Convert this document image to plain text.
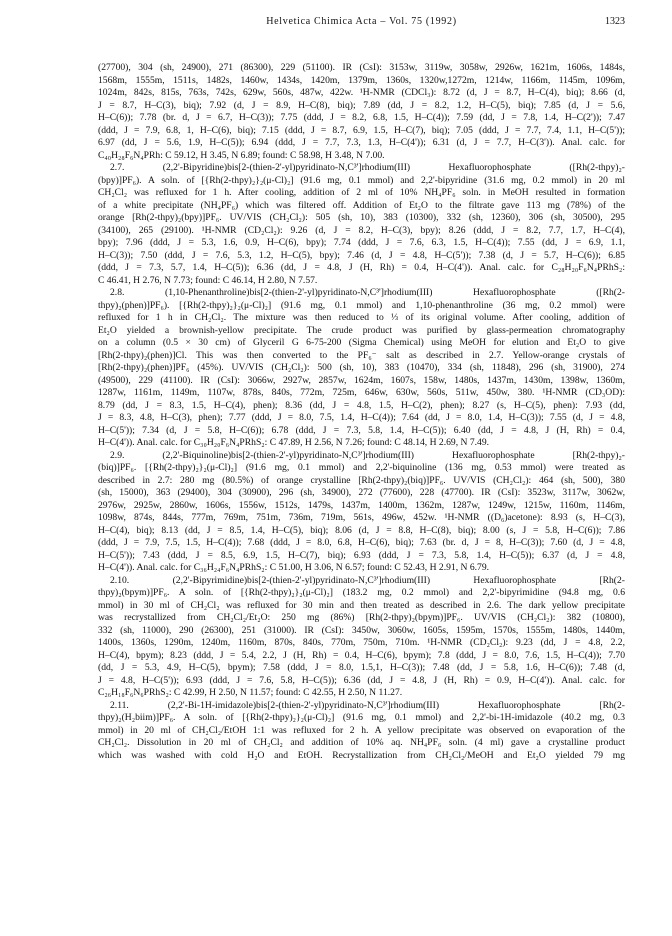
Helvetica Chimica Acta – Vol. 75 (1992)	1323
(27700), 304 (sh, 24900), 271 (86300), 229 (51100). IR (CsI): 3153w, 3119w, 3058w, 2926w, 1621m, 1606s, 1484s,
1568m, 1555m, 1511s, 1482s, 1460w, 1434s, 1420m, 1379m, 1360s, 1320w,1272m, 1214w, 1166m, 1145m, 1096m,
1024m, 842s, 815s, 763s, 742s, 629w, 560s, 487w, 422w. ¹H-NMR (CDCl₃): 8.72 (d, J = 8.7, H–C(4), biq); 8.66 (d,
J = 8.7, H–C(3), biq); 7.92 (d, J = 8.9, H–C(8), biq); 7.89 (dd, J = 8.2, 1.2, H–C(5), biq); 7.85 (d, J = 5.6,
H–C(6)); 7.78 (br. d, J = 6.7, H–C(3)); 7.75 (ddd, J = 8.2, 6.8, 1.5, H–C(4)); 7.59 (dd, J = 7.8, 1.4, H–C(2')); 7.47
(ddd, J = 7.9, 6.8, 1, H–C(6), biq); 7.15 (ddd, J = 8.7, 6.9, 1.5, H–C(7), biq); 7.05 (ddd, J = 7.7, 7.4, 1.1, H–C(5'));
6.97 (dd, J = 5.6, 1.9, H–C(5)); 6.94 (ddd, J = 7.7, 7.3, 1.3, H–C(4')); 6.31 (d, J = 7.7, H–C(3')). Anal. calc. for
C₄₀H₂₈F₆N₄PRh: C 59.12, H 3.45, N 6.89; found: C 58.98, H 3.48, N 7.00.
2.7. (2,2'-Bipyridine)bis[2-(thien-2'-yl)pyridinato-N,C³']rhodium(III) Hexafluorophosphate ([Rh(2-thpy)₂-
(bpy)]PF₆). A soln. of [{Rh(2-thpy)₂}₂(μ-Cl)₂] (91.6 mg, 0.1 mmol) and 2,2'-bipyridine (31.6 mg, 0.2 mmol) in 20 ml
CH₂Cl₂ was refluxed for 1 h. After cooling, addition of 2 ml of 10% NH₄PF₆ soln. in MeOH resulted in formation
of a white precipitate (NH₄PF₆) which was filtered off. Addition of Et₂O to the filtrate gave 113 mg (78%) of the
orange [Rh(2-thpy)₂(bpy)]PF₆. UV/VIS (CH₂Cl₂): 505 (sh, 10), 383 (10300), 332 (sh, 12360), 306 (sh, 30500), 295
(34100), 265 (29100). ¹H-NMR (CD₂Cl₂): 9.26 (d, J = 8.2, H–C(3), bpy); 8.26 (ddd, J = 8.2, 7.7, 1.7, H–C(4),
bpy); 7.96 (ddd, J = 5.3, 1.6, 0.9, H–C(6), bpy); 7.74 (ddd, J = 7.6, 6.3, 1.5, H–C(4)); 7.55 (dd, J = 6.9, 1.1,
H–C(3)); 7.50 (ddd, J = 7.6, 5.3, 1.2, H–C(5), bpy); 7.46 (d, J = 4.8, H–C(5')); 7.38 (d, J = 5.7, H–C(6)); 6.85
(ddd, J = 7.3, 5.7, 1.4, H–C(5)); 6.36 (dd, J = 4.8, J (H, Rh) = 0.4, H–C(4')). Anal. calc. for C₂₈H₂₀F₆N₄PRhS₂:
C 46.41, H 2.76, N 7.73; found: C 46.14, H 2.80, N 7.57.
2.8. (1,10-Phenanthroline)bis[2-(thien-2'-yl)pyridinato-N,C³']rhodium(III) Hexafluorophosphate ([Rh(2-
thpy)₂(phen)]PF₆). [{Rh(2-thpy)₂}₂(μ-Cl)₂] (91.6 mg, 0.1 mmol) and 1,10-phenanthroline (36 mg, 0.2 mmol) were
refluxed for 1 h in CH₂Cl₂. The mixture was then reduced to ⅓ of its original volume. After cooling, addition of
Et₂O yielded a brownish-yellow precipitate. The crude product was purified by glass-permeation chromatography
on a column (0.5 × 30 cm) of Glyceril G 6-75-200 (Sigma Chemical) using MeOH for elution and Et₂O to give
[Rh(2-thpy)₂(phen)]Cl. This was then converted to the PF₆⁻ salt as described in 2.7. Yellow-orange crystals of
[Rh(2-thpy)₂(phen)]PF₆ (45%). UV/VIS (CH₂Cl₂): 500 (sh, 10), 383 (10470), 334 (sh, 11848), 296 (sh, 31900), 274
(49500), 229 (41100). IR (CsI): 3066w, 2927w, 2857w, 1624m, 1607s, 158w, 1480s, 1437m, 1430m, 1398w, 1360m,
1287w, 1161m, 1149m, 1107w, 878s, 840s, 772m, 725m, 646w, 630w, 560s, 511w, 450w, 380. ¹H-NMR (CD₃OD):
8.79 (dd, J = 8.3, 1.5, H–C(4), phen); 8.36 (dd, J = 4.8, 1.5, H–C(2), phen); 8.27 (s, H–C(5), phen): 7.93 (dd,
J = 8.3, 4.8, H–C(3), phen); 7.77 (ddd, J = 8.0, 7.5, 1.4, H–C(4)); 7.64 (dd, J = 8.0, 1.4, H–C(3)); 7.55 (d, J = 4.8,
H–C(5')); 7.34 (d, J = 5.8, H–C(6)); 6.78 (ddd, J = 7.3, 5.8, 1.4, H–C(5)); 6.40 (dd, J = 4.8, J (H, Rh) = 0.4,
H–C(4')). Anal. calc. for C₃₀H₂₀F₆N₄PRhS₂: C 47.89, H 2.56, N 7.26; found: C 48.14, H 2.69, N 7.49.
2.9. (2,2'-Biquinoline)bis[2-(thien-2'-yl)pyridinato-N,C³']rhodium(III) Hexafluorophosphate [Rh(2-thpy)₂-
(biq)]PF₆. [{Rh(2-thpy)₂}₂(μ-Cl)₂] (91.6 mg, 0.1 mmol) and 2,2'-biquinoline (136 mg, 0.53 mmol) were treated as
described in 2.7: 280 mg (80.5%) of orange crystalline [Rh(2-thpy)₂(biq)]PF₆. UV/VIS (CH₂Cl₂): 464 (sh, 500), 380
(sh, 15000), 363 (29400), 304 (30900), 296 (sh, 34900), 272 (77600), 228 (47700). IR (CsI): 3523w, 3117w, 3062w,
2976w, 2925w, 2860w, 1606s, 1556w, 1512s, 1479s, 1437m, 1400m, 1362m, 1287w, 1249w, 1215w, 1160m, 1146m,
1098w, 874s, 844s, 777m, 769m, 751m, 736m, 719m, 561s, 496w, 452w. ¹H-NMR ((D₆)acetone): 8.93 (s, H–C(3),
H–C(4), biq); 8.13 (dd, J = 8.5, 1.4, H–C(5), biq); 8.06 (d, J = 8.8, H–C(8), biq); 8.00 (s, J = 5.8, H–C(6)); 7.86
(ddd, J = 7.9, 7.5, 1.5, H–C(4)); 7.68 (ddd, J = 8.0, 6.8, H–C(6), biq); 7.63 (br. d, J = 8, H–C(3)); 7.60 (d, J = 4.8,
H–C(5')); 7.43 (ddd, J = 8.5, 6.9, 1.5, H–C(7), biq); 6.93 (ddd, J = 7.3, 5.8, 1.4, H–C(5)); 6.37 (d, J = 4.8,
H–C(4')). Anal. calc. for C₃₆H₂₄F₆N₄PRhS₂: C 51.00, H 3.06, N 6.57; found: C 52.43, H 2.91, N 6.79.
2.10. (2,2'-Bipyrimidine)bis[2-(thien-2'-yl)pyridinato-N,C³']rhodium(III) Hexafluorophosphate [Rh(2-
thpy)₂(bpym)]PF₆. A soln. of [{Rh(2-thpy)₂}₂(μ-Cl)₂] (183.2 mg, 0.2 mmol) and 2,2'-bipyrimidine (94.8 mg, 0.6
mmol) in 30 ml of CH₂Cl₂ was refluxed for 30 min and then treated as described in 2.6. The dark yellow precipitate
was recrystallized from CH₂Cl₂/Et₂O: 250 mg (86%) [Rh(2-thpy)₂(bpym)]PF₆. UV/VIS (CH₂Cl₂): 382 (10800),
332 (sh, 11000), 290 (26300), 251 (31000). IR (CsI): 3450w, 3060w, 1605s, 1595m, 1570s, 1555m, 1480s, 1440m,
1400s, 1360s, 1290m, 1240m, 1160m, 870s, 840s, 770m, 750m, 710m. ¹H-NMR (CD₂Cl₂): 9.23 (dd, J = 4.8, 2.2,
H–C(4), bpym); 8.23 (ddd, J = 5.4, 2.2, J (H, Rh) = 0.4, H–C(6), bpym); 7.8 (ddd, J = 8.0, 7.6, 1.5, H–C(4)); 7.70
(dd, J = 5.3, 4.9, H–C(5), bpym); 7.58 (ddd, J = 8.0, 1.5,1, H–C(3)); 7.48 (dd, J = 5.8, 1.6, H–C(6)); 7.48 (d,
J = 4.8, H–C(5')); 6.93 (ddd, J = 7.6, 5.8, H–C(5)); 6.36 (dd, J = 4.8, J (H, Rh) = 0.9, H–C(4')). Anal. calc. for
C₂₆H₁₈F₆N₆PRhS₂: C 42.99, H 2.50, N 11.57; found: C 42.55, H 2.50, N 11.27.
2.11. (2,2'-Bi-1H-imidazole)bis[2-(thien-2'-yl)pyridinato-N,C³']rhodium(III) Hexafluorophosphate [Rh(2-
thpy)₂(H₂biim)]PF₆. A soln. of [{Rh(2-thpy)₂}₂(μ-Cl)₂] (91.6 mg, 0.1 mmol) and 2,2'-bi-1H-imidazole (40.2 mg, 0.3
mmol) in 20 ml of CH₂Cl₂/EtOH 1:1 was refluxed for 2 h. A yellow precipitate was observed on evaporation of the
CH₂Cl₂. Dissolution in 20 ml of CH₂Cl₂ and addition of 10% aq. NH₄PF₆ soln. (4 ml) gave a crystalline product
which was washed with cold H₂O and EtOH. Recrystallization from CH₂Cl₂/MeOH and Et₂O yielded 79 mg
